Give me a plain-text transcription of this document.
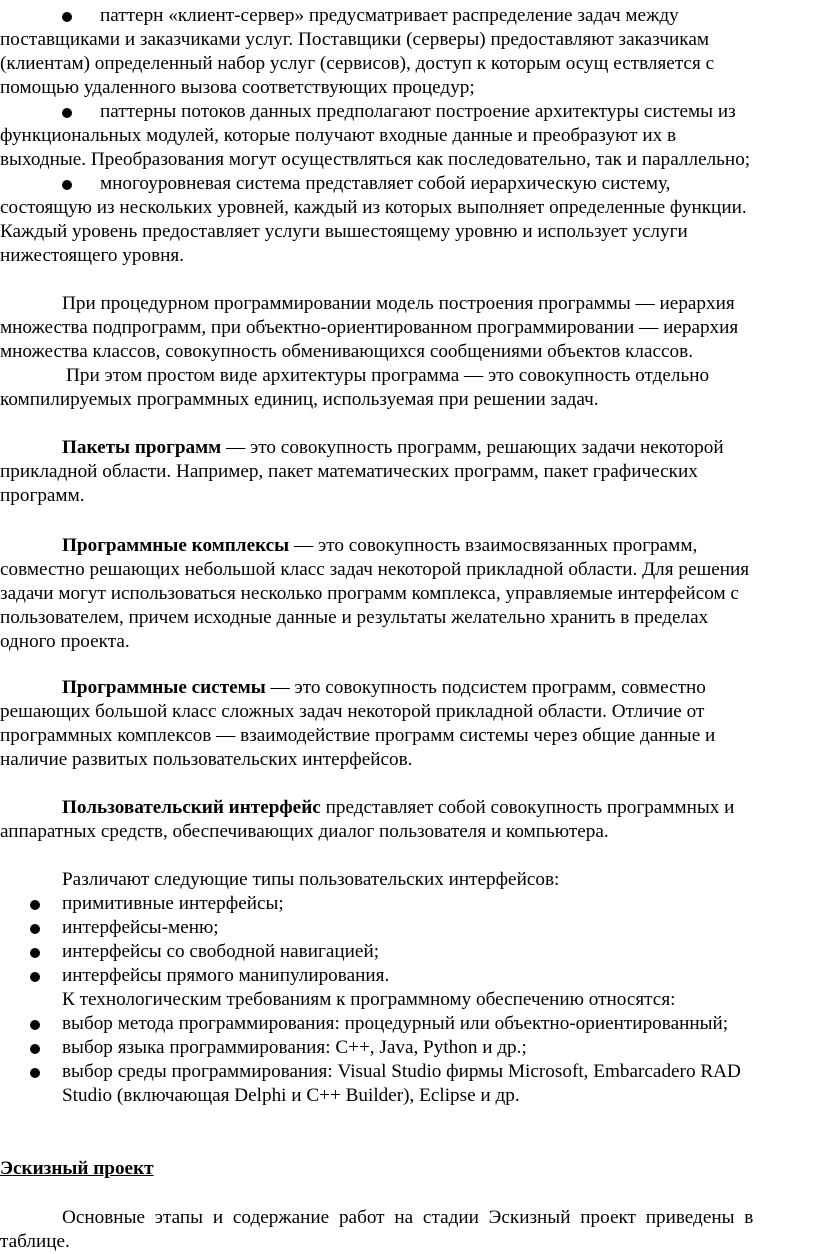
паттерн «клиент-сервер» предусматривает распределение задач между
поставщиками и заказчиками услуг. Поставщики (серверы) предоставляют заказчикам
(клиентам) определенный набор услуг (сервисов), доступ к которым осущ ествляется с
помощью удаленного вызова соответствующих процедур;
паттерны потоков данных предполагают построение архитектуры системы из
функциональных модулей, которые получают входные данные и преобразуют их в
выходные. Преобразования могут осуществляться как последовательно, так и параллельно;
многоуровневая система представляет собой иерархическую систему,
состоящую из нескольких уровней, каждый из которых выполняет определенные функции.
Каждый уровень предоставляет услуги вышестоящему уровню и использует услуги
нижестоящего уровня.
При процедурном программировании модель построения программы — иерархия
множества подпрограмм, при объектно-ориентированном программировании — иерархия
множества классов, совокупность обменивающихся сообщениями объектов классов.
При этом простом виде архитектуры программа — это совокупность отдельно
компилируемых программных единиц, используемая при решении задач.
Пакеты программ — это совокупность программ, решающих задачи некоторой
прикладной области. Например, пакет математических программ, пакет графических
программ.
Программные комплексы — это совокупность взаимосвязанных программ,
совместно решающих небольшой класс задач некоторой прикладной области. Для решения
задачи могут использоваться несколько программ комплекса, управляемые интерфейсом с
пользователем, причем исходные данные и результаты желательно хранить в пределах
одного проекта.
Программные системы — это совокупность подсистем программ, совместно
решающих большой класс сложных задач некоторой прикладной области. Отличие от
программных комплексов — взаимодействие программ системы через общие данные и
наличие развитых пользовательских интерфейсов.
Пользовательский интерфейс представляет собой совокупность программных и
аппаратных средств, обеспечивающих диалог пользователя и компьютера.
Различают следующие типы пользовательских интерфейсов:
примитивные интерфейсы;
интерфейсы-меню;
интерфейсы со свободной навигацией;
интерфейсы прямого манипулирования.
К технологическим требованиям к программному обеспечению относятся:
выбор метода программирования: процедурный или объектно-ориентированный;
выбор языка программирования: C++, Java, Python и др.;
выбор среды программирования: Visual Studio фирмы Microsoft, Embarcadero RAD
Studio (включающая Delphi и C++ Builder), Eclipse и др.
Эскизный проект
Основные этапы и содержание работ на стадии Эскизный проект приведены в
таблице.
